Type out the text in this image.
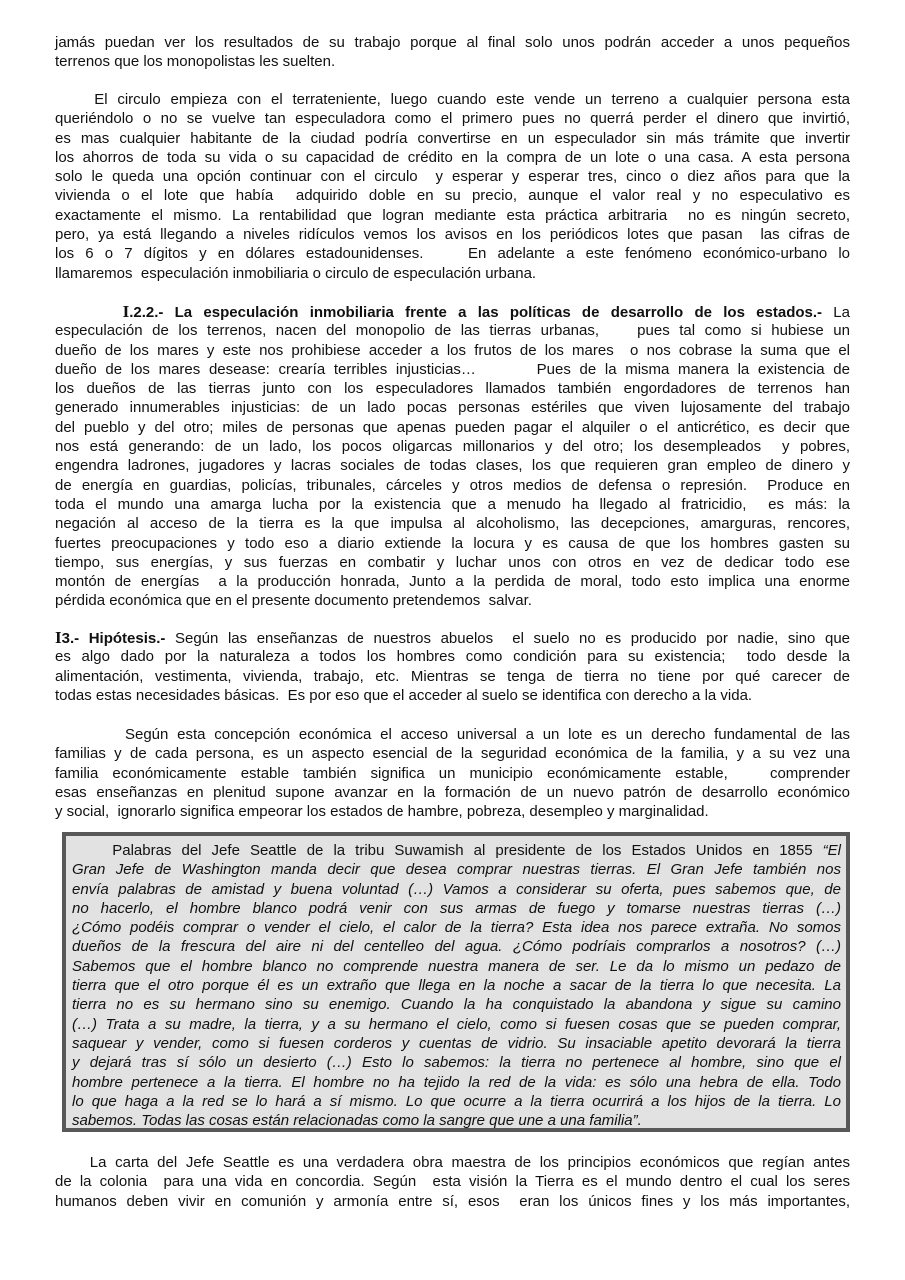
jamás puedan ver los resultados de su trabajo porque al final solo unos podrán acceder a unos pequeños
terrenos que los monopolistas les suelten.
El circulo empieza con el terrateniente, luego cuando este vende un terreno a cualquier persona esta
queriéndolo o no se vuelve tan especuladora como el primero pues no querrá perder el dinero que invirtió,
es mas cualquier habitante de la ciudad podría convertirse en un especulador sin más trámite que invertir
los ahorros de toda su vida o su capacidad de crédito en la compra de un lote o una casa. A esta persona
solo le queda una opción continuar con el circulo  y esperar y esperar tres, cinco o diez años para que la
vivienda o el lote que había  adquirido doble en su precio, aunque el valor real y no especulativo es
exactamente el mismo. La rentabilidad que logran mediante esta práctica arbitraria  no es ningún secreto,
pero, ya está llegando a niveles ridículos vemos los avisos en los periódicos lotes que pasan  las cifras de
los 6 o 7 dígitos y en dólares estadounidenses.    En adelante a este fenómeno económico-urbano lo
llamaremos  especulación inmobiliaria o circulo de especulación urbana.
I.2.2.- La especulación inmobiliaria frente a las políticas de desarrollo de los estados.- La
especulación de los terrenos, nacen del monopolio de las tierras urbanas,    pues tal como si hubiese un
dueño de los mares y este nos prohibiese acceder a los frutos de los mares  o nos cobrase la suma que el
dueño de los mares desease: crearía terribles injusticias…       Pues de la misma manera la existencia de
los dueños de las tierras junto con los especuladores llamados también engordadores de terrenos han
generado innumerables injusticias: de un lado pocas personas estériles que viven lujosamente del trabajo
del pueblo y del otro; miles de personas que apenas pueden pagar el alquiler o el anticrético, es decir que
nos está generando: de un lado, los pocos oligarcas millonarios y del otro; los desempleados  y pobres,
engendra ladrones, jugadores y lacras sociales de todas clases, los que requieren gran empleo de dinero y
de energía en guardias, policías, tribunales, cárceles y otros medios de defensa o represión.  Produce en
toda el mundo una amarga lucha por la existencia que a menudo ha llegado al fratricidio,  es más: la
negación al acceso de la tierra es la que impulsa al alcoholismo, las decepciones, amarguras, rencores,
fuertes preocupaciones y todo eso a diario extiende la locura y es causa de que los hombres gasten su
tiempo, sus energías, y sus fuerzas en combatir y luchar unos con otros en vez de dedicar todo ese
montón de energías  a la producción honrada, Junto a la perdida de moral, todo esto implica una enorme
pérdida económica que en el presente documento pretendemos  salvar.
I3.- Hipótesis.- Según las enseñanzas de nuestros abuelos  el suelo no es producido por nadie, sino que
es algo dado por la naturaleza a todos los hombres como condición para su existencia;  todo desde la
alimentación, vestimenta, vivienda, trabajo, etc. Mientras se tenga de tierra no tiene por qué carecer de
todas estas necesidades básicas.  Es por eso que el acceder al suelo se identifica con derecho a la vida.
Según esta concepción económica el acceso universal a un lote es un derecho fundamental de las
familias y de cada persona, es un aspecto esencial de la seguridad económica de la familia, y a su vez una
familia económicamente estable también significa un municipio económicamente estable,   comprender
esas enseñanzas en plenitud supone avanzar en la formación de un nuevo patrón de desarrollo económico
y social,  ignorarlo significa empeorar los estados de hambre, pobreza, desempleo y marginalidad.
Palabras del Jefe Seattle de la tribu Suwamish al presidente de los Estados Unidos en 1855 “El
Gran Jefe de Washington manda decir que desea comprar nuestras tierras. El Gran Jefe también nos
envía palabras de amistad y buena voluntad (…) Vamos a considerar su oferta, pues sabemos que, de
no hacerlo, el hombre blanco podrá venir con sus armas de fuego y tomarse nuestras tierras (…)
¿Cómo podéis comprar o vender el cielo, el calor de la tierra? Esta idea nos parece extraña. No somos
dueños de la frescura del aire ni del centelleo del agua. ¿Cómo podríais comprarlos a nosotros? (…)
Sabemos que el hombre blanco no comprende nuestra manera de ser. Le da lo mismo un pedazo de
tierra que el otro porque él es un extraño que llega en la noche a sacar de la tierra lo que necesita. La
tierra no es su hermano sino su enemigo. Cuando la ha conquistado la abandona y sigue su camino
(…) Trata a su madre, la tierra, y a su hermano el cielo, como si fuesen cosas que se pueden comprar,
saquear y vender, como si fuesen corderos y cuentas de vidrio. Su insaciable apetito devorará la tierra
y dejará tras sí sólo un desierto (…) Esto lo sabemos: la tierra no pertenece al hombre, sino que el
hombre pertenece a la tierra. El hombre no ha tejido la red de la vida: es sólo una hebra de ella. Todo
lo que haga a la red se lo hará a sí mismo. Lo que ocurre a la tierra ocurrirá a los hijos de la tierra. Lo
sabemos. Todas las cosas están relacionadas como la sangre que une a una familia”.
La carta del Jefe Seattle es una verdadera obra maestra de los principios económicos que regían antes
de la colonia  para una vida en concordia. Según  esta visión la Tierra es el mundo dentro el cual los seres
humanos deben vivir en comunión y armonía entre sí, esos  eran los únicos fines y los más importantes,
